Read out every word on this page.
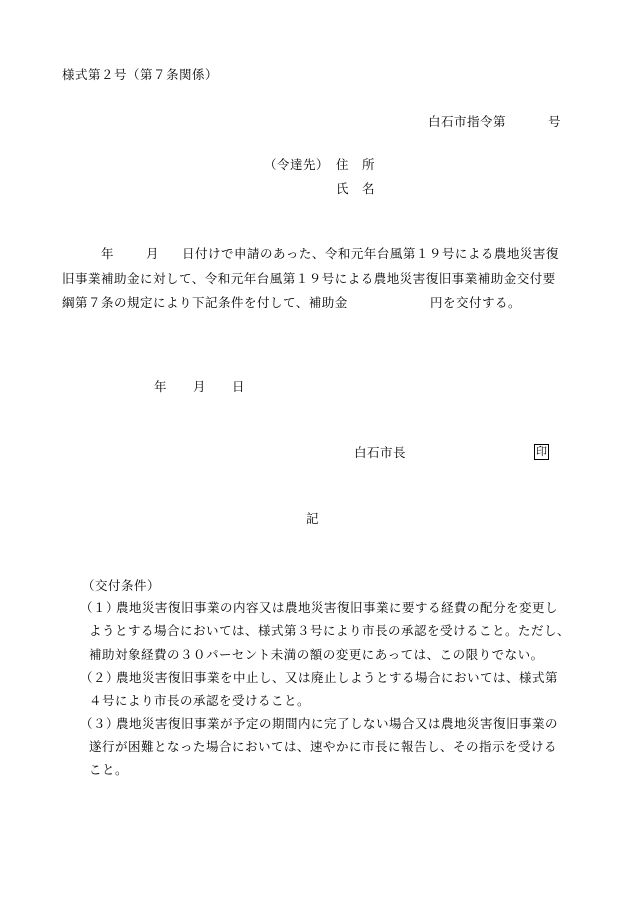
様式第２号（第７条関係）
白石市指令第	号
（令達先） 住　所
氏　名
年	月 日付けで申請のあった、令和元年台風第１９号による農地災害復
旧事業補助金に対して、令和元年台風第１９号による農地災害復旧事業補助金交付要
綱第７条の規定により下記条件を付して、補助金	円を交付する。
年 月 日
白石市長	印
記
（交付条件）
（１）
農地災害復旧事業の内容又は農地災害復旧事業に要する経費の配分を変更し
ようとする場合においては、様式第３号により市長の承認を受けること。ただし、
補助対象経費の３０パーセント未満の額の変更にあっては、この限りでない。
（２）
農地災害復旧事業を中止し、又は廃止しようとする場合においては、様式第
４号により市長の承認を受けること。
（３）
農地災害復旧事業が予定の期間内に完了しない場合又は農地災害復旧事業の
遂行が困難となった場合においては、速やかに市長に報告し、その指示を受ける
こと。
